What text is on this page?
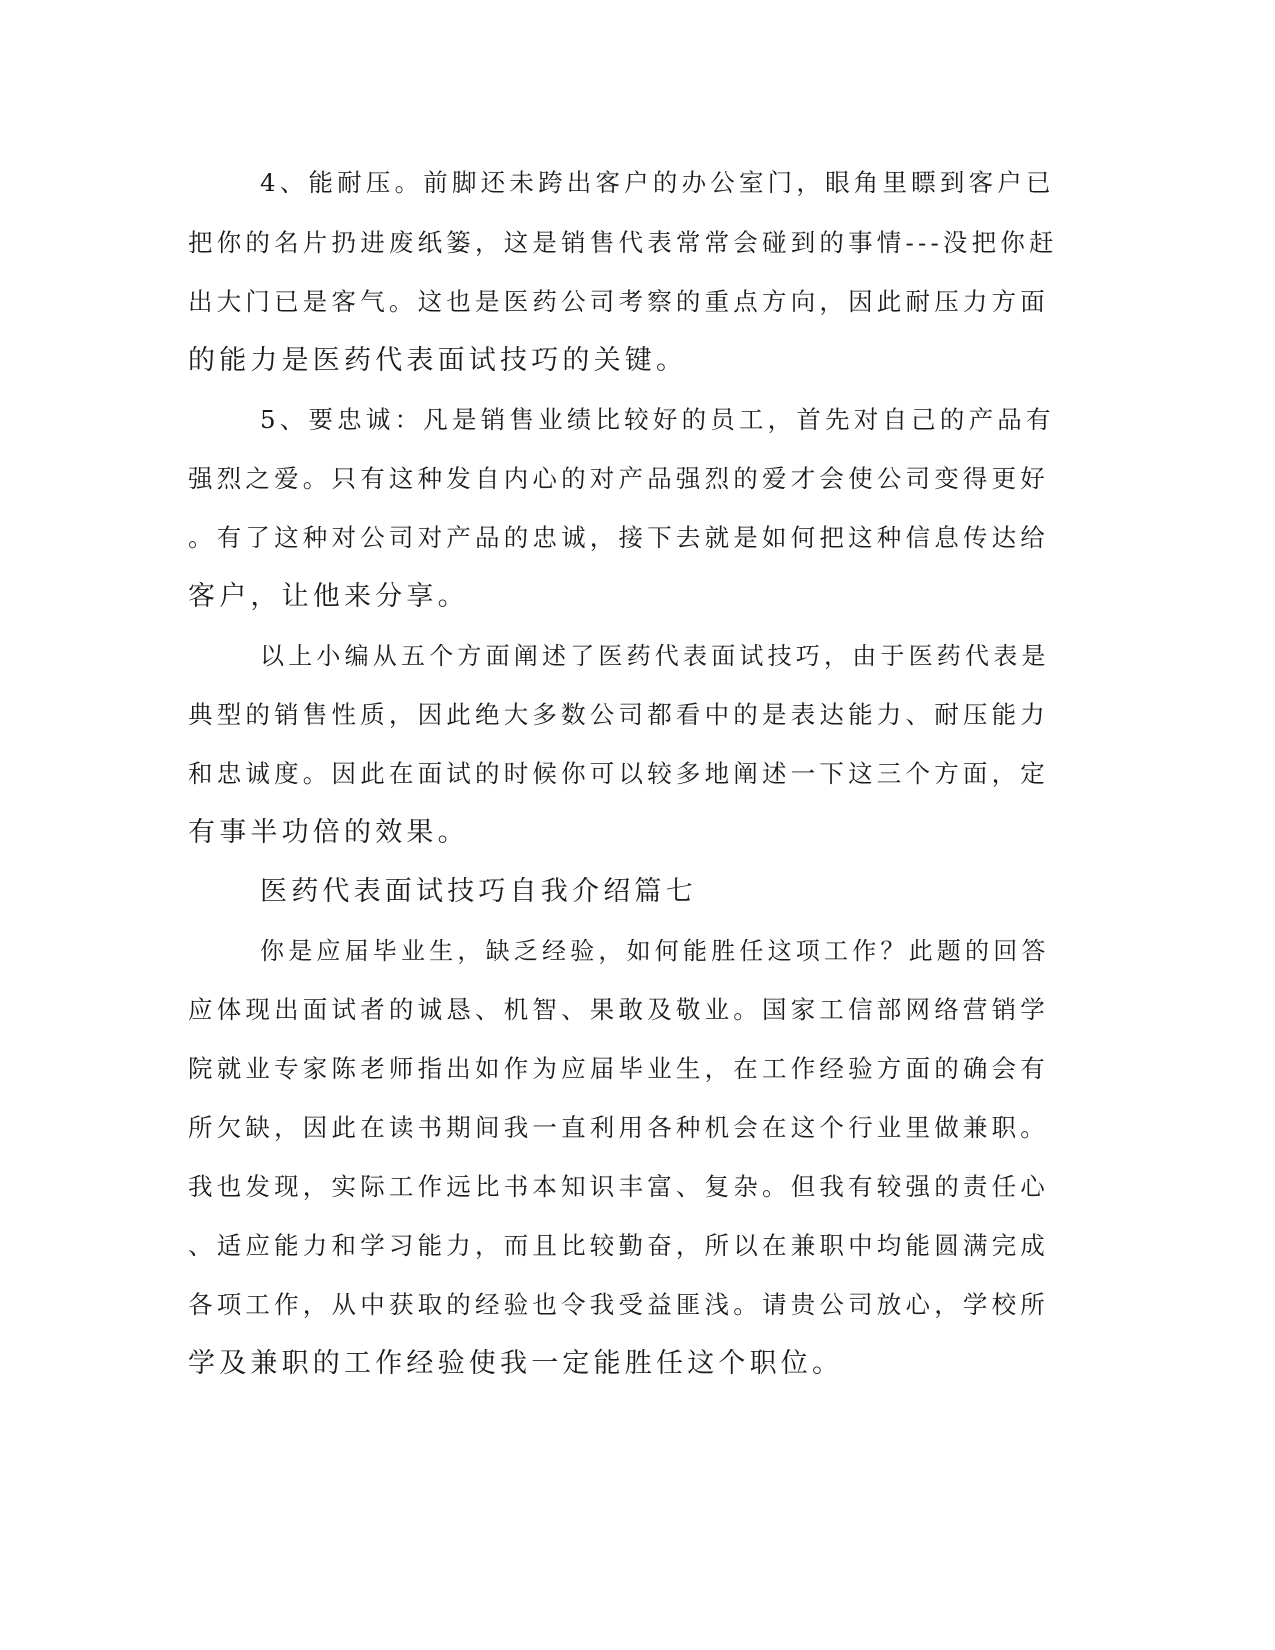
4、能耐压。前脚还未跨出客户的办公室门，眼角里瞟到客户已
把你的名片扔进废纸篓，这是销售代表常常会碰到的事情---没把你赶
出大门已是客气。这也是医药公司考察的重点方向，因此耐压力方面
的能力是医药代表面试技巧的关键。
5、要忠诚：凡是销售业绩比较好的员工，首先对自己的产品有
强烈之爱。只有这种发自内心的对产品强烈的爱才会使公司变得更好
。有了这种对公司对产品的忠诚，接下去就是如何把这种信息传达给
客户，让他来分享。
以上小编从五个方面阐述了医药代表面试技巧，由于医药代表是
典型的销售性质，因此绝大多数公司都看中的是表达能力、耐压能力
和忠诚度。因此在面试的时候你可以较多地阐述一下这三个方面，定
有事半功倍的效果。
医药代表面试技巧自我介绍篇七
你是应届毕业生，缺乏经验，如何能胜任这项工作？此题的回答
应体现出面试者的诚恳、机智、果敢及敬业。国家工信部网络营销学
院就业专家陈老师指出如作为应届毕业生，在工作经验方面的确会有
所欠缺，因此在读书期间我一直利用各种机会在这个行业里做兼职。
我也发现，实际工作远比书本知识丰富、复杂。但我有较强的责任心
、适应能力和学习能力，而且比较勤奋，所以在兼职中均能圆满完成
各项工作，从中获取的经验也令我受益匪浅。请贵公司放心，学校所
学及兼职的工作经验使我一定能胜任这个职位。
